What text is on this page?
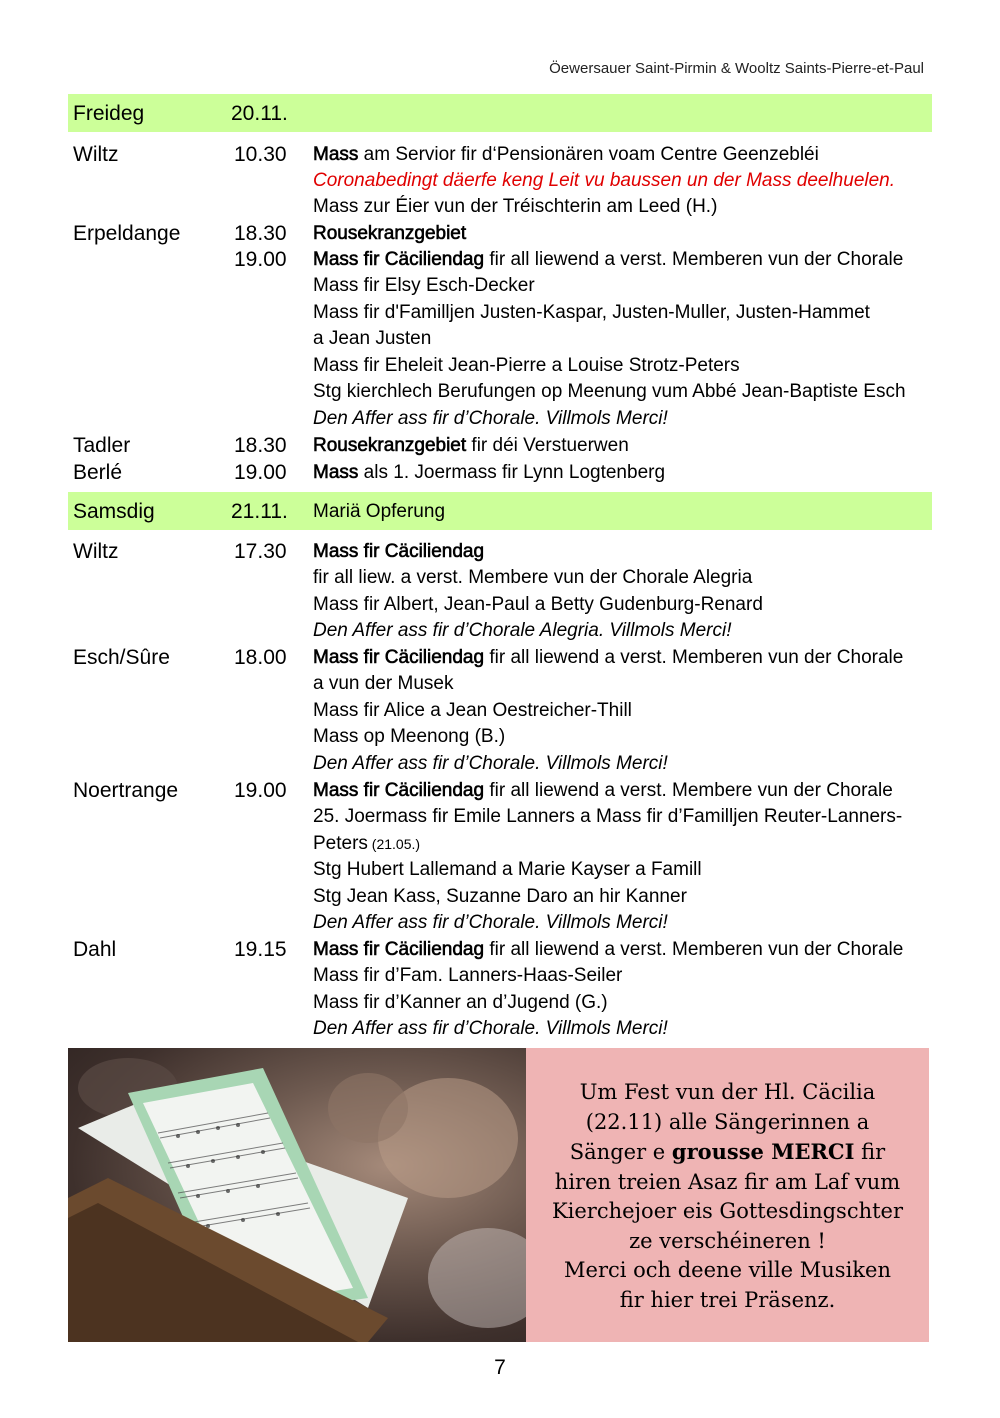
Öewersauer Saint-Pirmin & Wooltz Saints-Pierre-et-Paul
Freideg	20.11.
Wiltz	10.30 Mass am Servior fir d‘Pensionären voam Centre Geenzebléi
Coronabedingt däerfe keng Leit vu baussen un der Mass deelhuelen.
Mass zur Éier vun der Tréischterin am Leed (H.)
Erpeldange	18.30 Rousekranzgebiet
19.00 Mass fir Cäciliendag fir all liewend a verst. Memberen vun der Chorale
Mass fir Elsy Esch-Decker
Mass fir d'Familljen Justen-Kaspar, Justen-Muller, Justen-Hammet
a Jean Justen
Mass fir Eheleit Jean-Pierre a Louise Strotz-Peters
Stg kierchlech Berufungen op Meenung vum Abbé Jean-Baptiste Esch
Den Affer ass fir d’Chorale. Villmols Merci!
Tadler	18.30 Rousekranzgebiet fir déi Verstuerwen
Berlé	19.00 Mass als 1. Joermass fir Lynn Logtenberg
Samsdig	21.11. Mariä Opferung
Wiltz	17.30 Mass fir Cäciliendag
fir all liew. a verst. Membere vun der Chorale Alegria
Mass fir Albert, Jean-Paul a Betty Gudenburg-Renard
Den Affer ass fir d’Chorale Alegria. Villmols Merci!
Esch/Sûre	18.00 Mass fir Cäciliendag fir all liewend a verst. Memberen vun der Chorale
a vun der Musek
Mass fir Alice a Jean Oestreicher-Thill
Mass op Meenong (B.)
Den Affer ass fir d’Chorale. Villmols Merci!
Noertrange	19.00 Mass fir Cäciliendag fir all liewend a verst. Membere vun der Chorale
25. Joermass fir Emile Lanners a Mass fir d’Familljen Reuter-Lanners-
Peters (21.05.)
Stg Hubert Lallemand a Marie Kayser a Famill
Stg Jean Kass, Suzanne Daro an hir Kanner
Den Affer ass fir d’Chorale. Villmols Merci!
Dahl	19.15 Mass fir Cäciliendag fir all liewend a verst. Memberen vun der Chorale
Mass fir d’Fam. Lanners-Haas-Seiler
Mass fir d’Kanner an d’Jugend (G.)
Den Affer ass fir d’Chorale. Villmols Merci!
Um Fest vun der Hl. Cäcilia
(22.11) alle Sängerinnen a
Sänger e grousse MERCI fir
hiren treien Asaz fir am Laf vum
Kierchejoer eis Gottesdingschter
ze verschéineren !
Merci och deene ville Musiken
fir hier trei Präsenz.
7
